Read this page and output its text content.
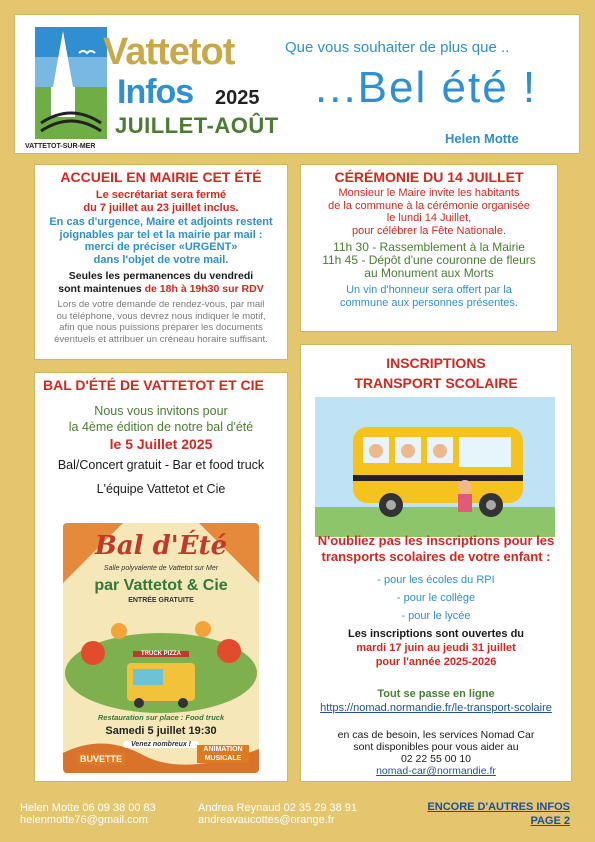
VATTETOT-SUR-MER
Vattetot
Infos 2025
JUILLET-AOÛT
Que vous souhaiter de plus que ..
...Bel été !
Helen Motte
ACCUEIL EN MAIRIE CET ÉTÉ

Le secrétariat sera fermé
du 7 juillet au 23 juillet inclus.

En cas d'urgence, Maire et adjoints restent
joignables par tel et la mairie par mail :
merci de préciser «URGENT»
dans l'objet de votre mail.

Seules les permanences du vendredi
sont maintenues de 18h à 19h30 sur RDV

Lors de votre demande de rendez-vous, par mail
ou téléphone, vous devrez nous indiquer le motif,
afin que nous puissions préparer les documents
éventuels et attribuer un créneau horaire suffisant.

CÉRÉMONIE DU 14 JUILLET

Monsieur le Maire invite les habitants
de la commune à la cérémonie organisée
le lundi 14 Juillet,
pour célébrer la Fête Nationale.

11h 30 - Rassemblement à la Mairie
11h 45 - Dépôt d'une couronne de fleurs
au Monument aux Morts

Un vin d'honneur sera offert par la
commune aux personnes présentes.

BAL D'ÉTÉ DE VATTETOT ET CIE
Nous vous invitons pour
la 4ème édition de notre bal d'été
le 5 Juillet 2025
Bal/Concert gratuit - Bar et food truck
L'équipe Vattetot et Cie
Bal d'Été
Salle polyvalente de Vattetot sur Mer
par Vattetot & Cie
ENTRÉE GRATUITE
TRUCK PIZZA
Restauration sur place : Food truck
Samedi 5 juillet 19:30
Venez nombreux !
BUVETTE
ANIMATION MUSICALE
INSCRIPTIONS
TRANSPORT SCOLAIRE
N'oubliez pas les inscriptions pour les
transports scolaires de votre enfant :
- pour les écoles du RPI
- pour le collège
- pour le lycée
Les inscriptions sont ouvertes du
mardi 17 juin au jeudi 31 juillet
pour l'année 2025-2026
Tout se passe en ligne
https://nomad.normandie.fr/le-transport-scolaire
en cas de besoin, les services Nomad Car
sont disponibles pour vous aider au
02 22 55 00 10
nomad-car@normandie.fr
Helen Motte 06 09 38 00 83
helenmotte76@gmail.com
Andrea Reynaud 02 35 29 38 91
andreavaucottes@orange.fr
ENCORE D'AUTRES INFOS
PAGE 2
